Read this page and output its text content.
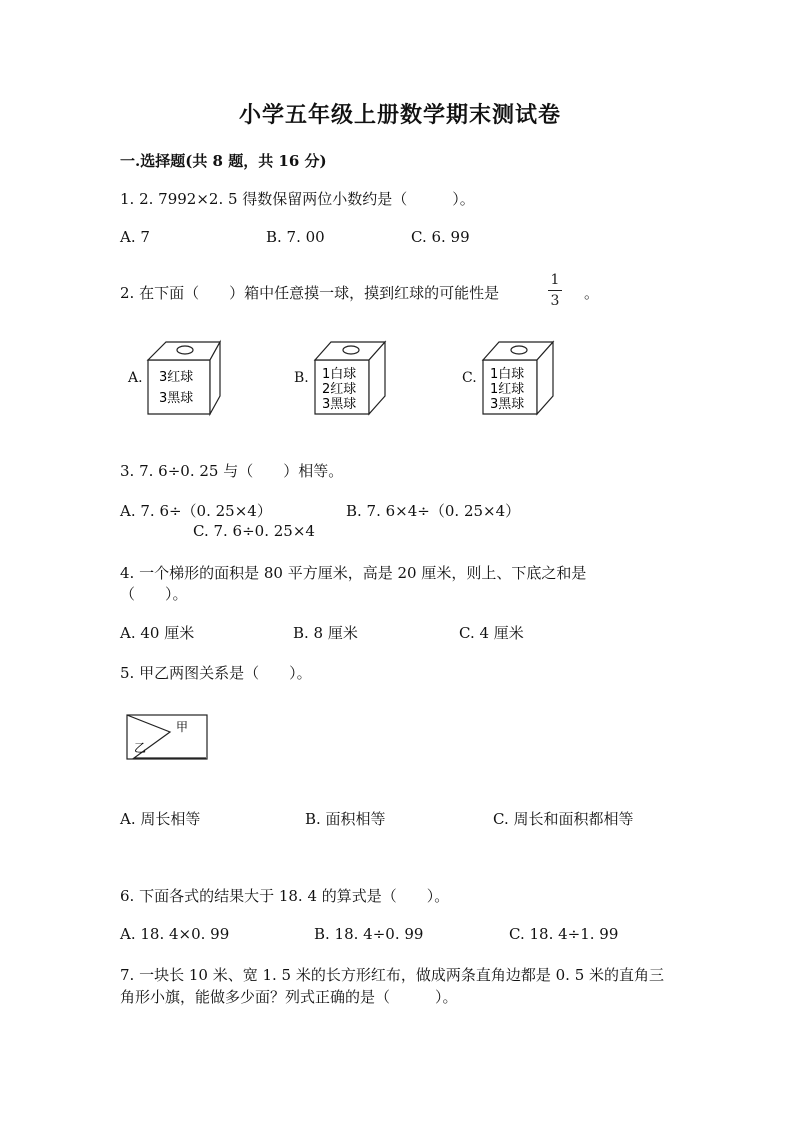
小学五年级上册数学期末测试卷
一.选择题(共 8 题，共 16 分)
1. 2. 7992×2. 5 得数保留两位小数约是（　　　）。
A. 7	B. 7. 00	C. 6. 99
2. 在下面（　　）箱中任意摸一球，摸到红球的可能性是
1
3	。
A.	B.	C.
3红球
3黑球
1白球
2红球
3黑球
1白球
1红球
3黑球
3. 7. 6÷0. 25 与（　　）相等。
A. 7. 6÷（0. 25×4）	B. 7. 6×4÷（0. 25×4）
C. 7. 6÷0. 25×4
4. 一个梯形的面积是 80 平方厘米，高是 20 厘米，则上、下底之和是
（　　）。
A. 40 厘米	B. 8 厘米	C. 4 厘米
5. 甲乙两图关系是（　　）。
甲
乙
A. 周长相等	B. 面积相等	C. 周长和面积都相等
6. 下面各式的结果大于 18. 4 的算式是（　　）。
A. 18. 4×0. 99	B. 18. 4÷0. 99	C. 18. 4÷1. 99
7. 一块长 10 米、宽 1. 5 米的长方形红布，做成两条直角边都是 0. 5 米的直角三
角形小旗，能做多少面？列式正确的是（　　　）。
